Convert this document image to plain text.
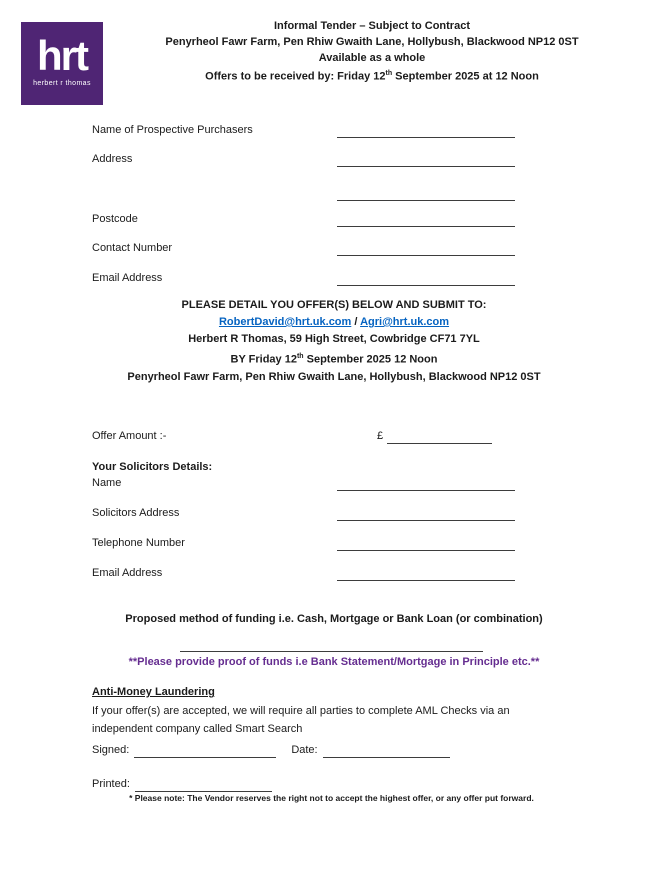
hrt
herbert r thomas
Informal Tender – Subject to Contract
Penyrheol Fawr Farm, Pen Rhiw Gwaith Lane, Hollybush, Blackwood NP12 0ST
Available as a whole
Offers to be received by: Friday 12th September 2025 at 12 Noon
Name of Prospective Purchasers
Address
Postcode
Contact Number
Email Address
PLEASE DETAIL YOU OFFER(S) BELOW AND SUBMIT TO:
RobertDavid@hrt.uk.com / Agri@hrt.uk.com
Herbert R Thomas, 59 High Street, Cowbridge CF71 7YL
BY Friday 12th September 2025 12 Noon
Penyrheol Fawr Farm, Pen Rhiw Gwaith Lane, Hollybush, Blackwood NP12 0ST
Offer Amount :-	£
Your Solicitors Details:
Name
Solicitors Address
Telephone Number
Email Address
Proposed method of funding i.e. Cash, Mortgage or Bank Loan (or combination)
**Please provide proof of funds i.e Bank Statement/Mortgage in Principle etc.**
Anti-Money Laundering
If your offer(s) are accepted, we will require all parties to complete AML Checks via an independent company called Smart Search
Signed:	Date:
Printed:
* Please note: The Vendor reserves the right not to accept the highest offer, or any offer put forward.
